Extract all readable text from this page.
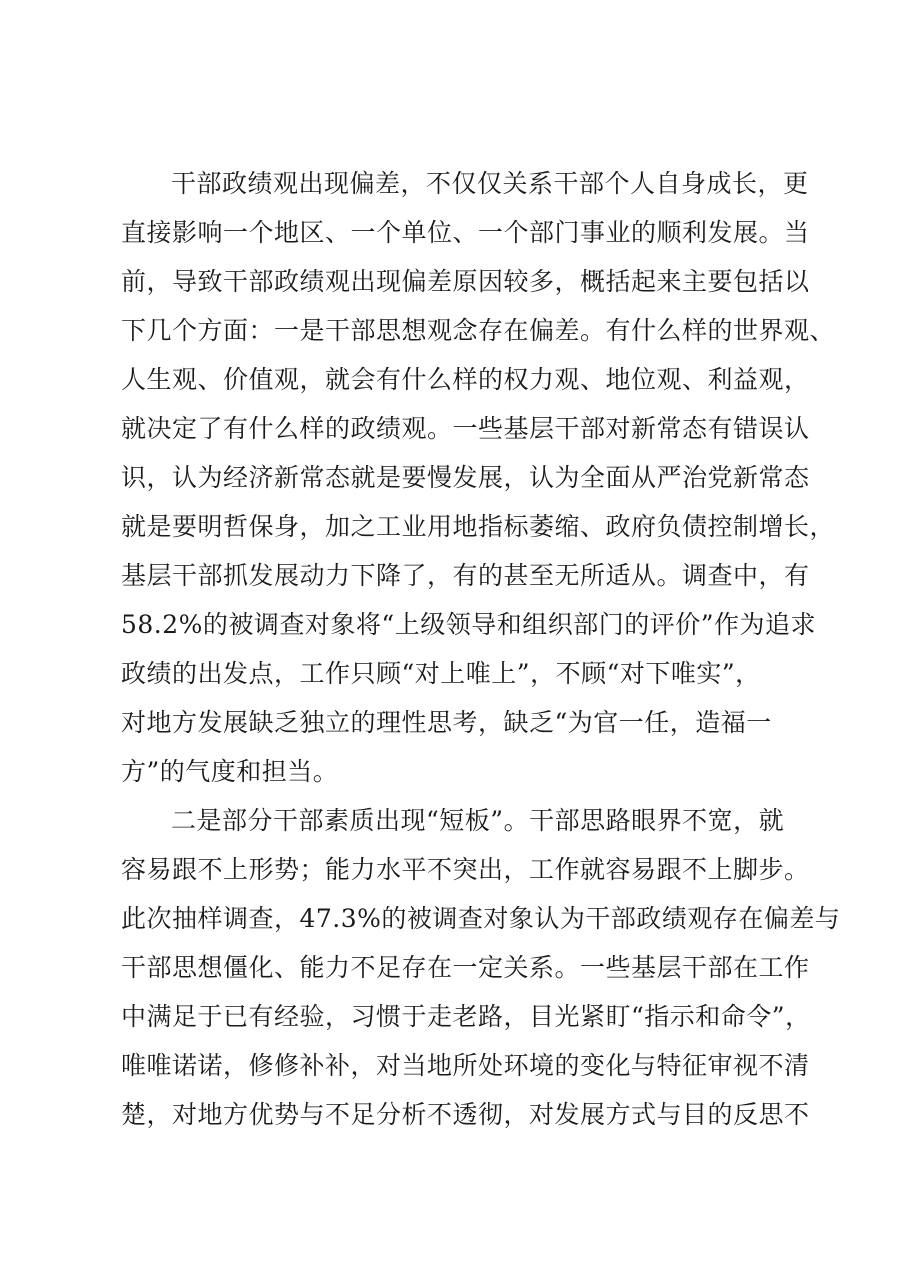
干部政绩观出现偏差，不仅仅关系干部个人自身成长，更
直接影响一个地区、一个单位、一个部门事业的顺利发展。当
前，导致干部政绩观出现偏差原因较多，概括起来主要包括以
下几个方面：一是干部思想观念存在偏差。有什么样的世界观、
人生观、价值观，就会有什么样的权力观、地位观、利益观，
就决定了有什么样的政绩观。一些基层干部对新常态有错误认
识，认为经济新常态就是要慢发展，认为全面从严治党新常态
就是要明哲保身，加之工业用地指标萎缩、政府负债控制增长，
基层干部抓发展动力下降了，有的甚至无所适从。调查中，有
58.2%的被调查对象将“上级领导和组织部门的评价”作为追求
政绩的出发点，工作只顾“对上唯上”，不顾“对下唯实”，
对地方发展缺乏独立的理性思考，缺乏“为官一任，造福一
方”的气度和担当。
二是部分干部素质出现“短板”。干部思路眼界不宽，就
容易跟不上形势；能力水平不突出，工作就容易跟不上脚步。
此次抽样调查，47.3%的被调查对象认为干部政绩观存在偏差与
干部思想僵化、能力不足存在一定关系。一些基层干部在工作
中满足于已有经验，习惯于走老路，目光紧盯“指示和命令”，
唯唯诺诺，修修补补，对当地所处环境的变化与特征审视不清
楚，对地方优势与不足分析不透彻，对发展方式与目的反思不
